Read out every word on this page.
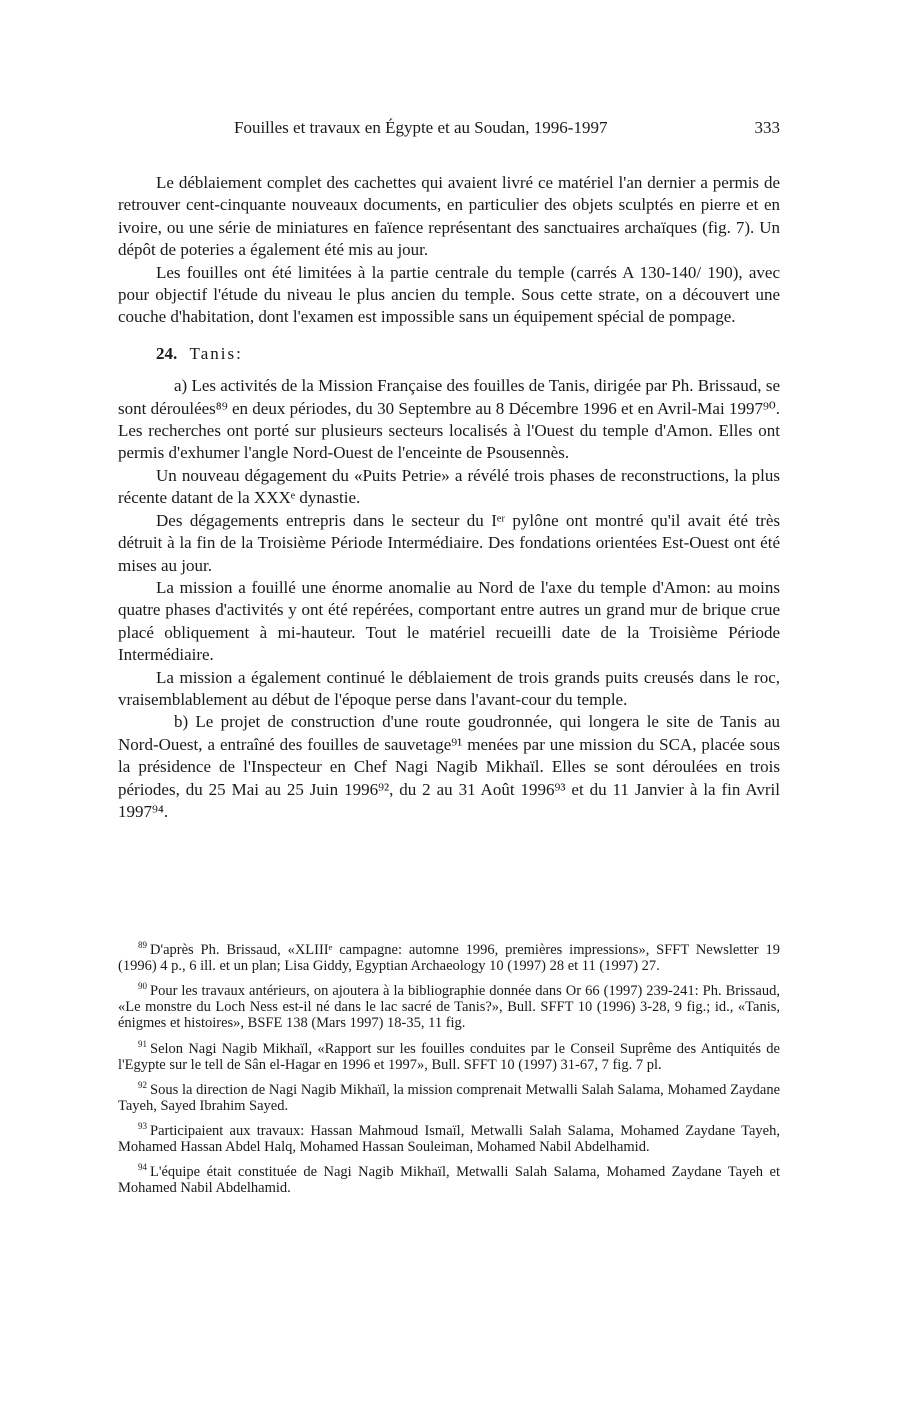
Fouilles et travaux en Égypte et au Soudan, 1996-1997	333

Le déblaiement complet des cachettes qui avaient livré ce matériel l'an dernier a permis de retrouver cent-cinquante nouveaux documents, en particulier des objets sculptés en pierre et en ivoire, ou une série de miniatures en faïence représentant des sanctuaires archaïques (fig. 7). Un dépôt de poteries a également été mis au jour.

Les fouilles ont été limitées à la partie centrale du temple (carrés A 130-140/ 190), avec pour objectif l'étude du niveau le plus ancien du temple. Sous cette strate, on a découvert une couche d'habitation, dont l'examen est impossible sans un équipement spécial de pompage.

24. Tanis:

a) Les activités de la Mission Française des fouilles de Tanis, dirigée par Ph. Brissaud, se sont déroulées⁸⁹ en deux périodes, du 30 Septembre au 8 Décembre 1996 et en Avril-Mai 1997⁹⁰. Les recherches ont porté sur plusieurs secteurs localisés à l'Ouest du temple d'Amon. Elles ont permis d'exhumer l'angle Nord-Ouest de l'enceinte de Psousennès.

Un nouveau dégagement du «Puits Petrie» a révélé trois phases de reconstructions, la plus récente datant de la XXXᵉ dynastie.

Des dégagements entrepris dans le secteur du Iᵉʳ pylône ont montré qu'il avait été très détruit à la fin de la Troisième Période Intermédiaire. Des fondations orientées Est-Ouest ont été mises au jour.

La mission a fouillé une énorme anomalie au Nord de l'axe du temple d'Amon: au moins quatre phases d'activités y ont été repérées, comportant entre autres un grand mur de brique crue placé obliquement à mi-hauteur. Tout le matériel recueilli date de la Troisième Période Intermédiaire.

La mission a également continué le déblaiement de trois grands puits creusés dans le roc, vraisemblablement au début de l'époque perse dans l'avant-cour du temple.

b) Le projet de construction d'une route goudronnée, qui longera le site de Tanis au Nord-Ouest, a entraîné des fouilles de sauvetage⁹¹ menées par une mission du SCA, placée sous la présidence de l'Inspecteur en Chef Nagi Nagib Mikhaïl. Elles se sont déroulées en trois périodes, du 25 Mai au 25 Juin 1996⁹², du 2 au 31 Août 1996⁹³ et du 11 Janvier à la fin Avril 1997⁹⁴.

$^{89}$ D'après Ph. Brissaud, «XLIIIᵉ campagne: automne 1996, premières impressions», SFFT Newsletter 19 (1996) 4 p., 6 ill. et un plan; Lisa Giddy, Egyptian Archaeology 10 (1997) 28 et 11 (1997) 27.

$^{90}$ Pour les travaux antérieurs, on ajoutera à la bibliographie donnée dans Or 66 (1997) 239-241: Ph. Brissaud, «Le monstre du Loch Ness est-il né dans le lac sacré de Tanis?», Bull. SFFT 10 (1996) 3-28, 9 fig.; id., «Tanis, énigmes et histoires», BSFE 138 (Mars 1997) 18-35, 11 fig.

$^{91}$ Selon Nagi Nagib Mikhaïl, «Rapport sur les fouilles conduites par le Conseil Suprême des Antiquités de l'Egypte sur le tell de Sân el-Hagar en 1996 et 1997», Bull. SFFT 10 (1997) 31-67, 7 fig. 7 pl.

$^{92}$ Sous la direction de Nagi Nagib Mikhaïl, la mission comprenait Metwalli Salah Salama, Mohamed Zaydane Tayeh, Sayed Ibrahim Sayed.

$^{93}$ Participaient aux travaux: Hassan Mahmoud Ismaïl, Metwalli Salah Salama, Mohamed Zaydane Tayeh, Mohamed Hassan Abdel Halq, Mohamed Hassan Souleiman, Mohamed Nabil Abdelhamid.

$^{94}$ L'équipe était constituée de Nagi Nagib Mikhaïl, Metwalli Salah Salama, Mohamed Zaydane Tayeh et Mohamed Nabil Abdelhamid.
